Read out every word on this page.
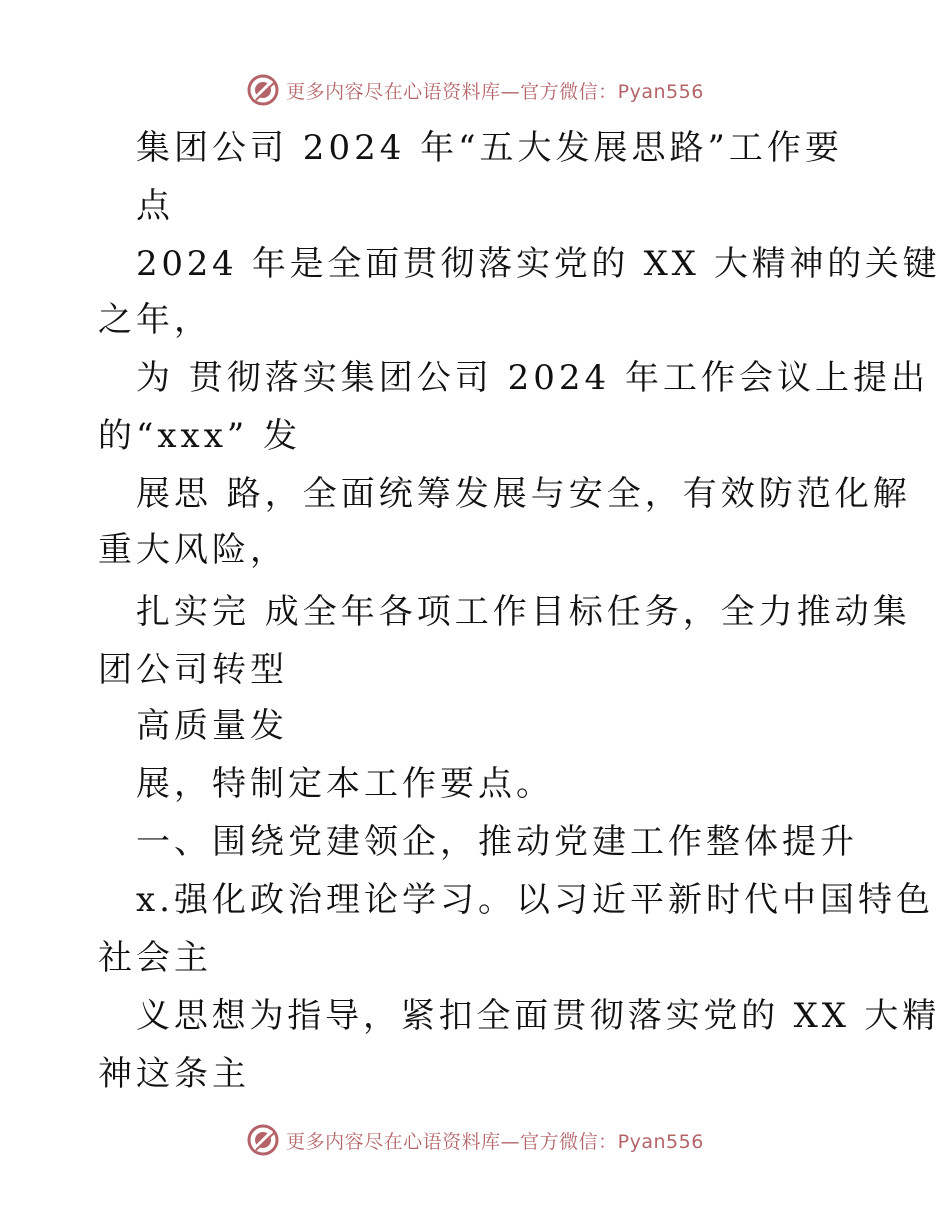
更多内容尽在心语资料库—官方微信：Pyan556
集团公司 2024 年“五大发展思路”工作要
点
2024 年是全面贯彻落实党的 XX 大精神的关键
之年，
为 贯彻落实集团公司 2024 年工作会议上提出
的“xxx” 发
展思 路，全面统筹发展与安全，有效防范化解
重大风险，
扎实完 成全年各项工作目标任务，全力推动集
团公司转型
高质量发
展，特制定本工作要点。
一、围绕党建领企，推动党建工作整体提升
x.强化政治理论学习。以习近平新时代中国特色
社会主
义思想为指导，紧扣全面贯彻落实党的 XX 大精
神这条主
更多内容尽在心语资料库—官方微信：Pyan556
